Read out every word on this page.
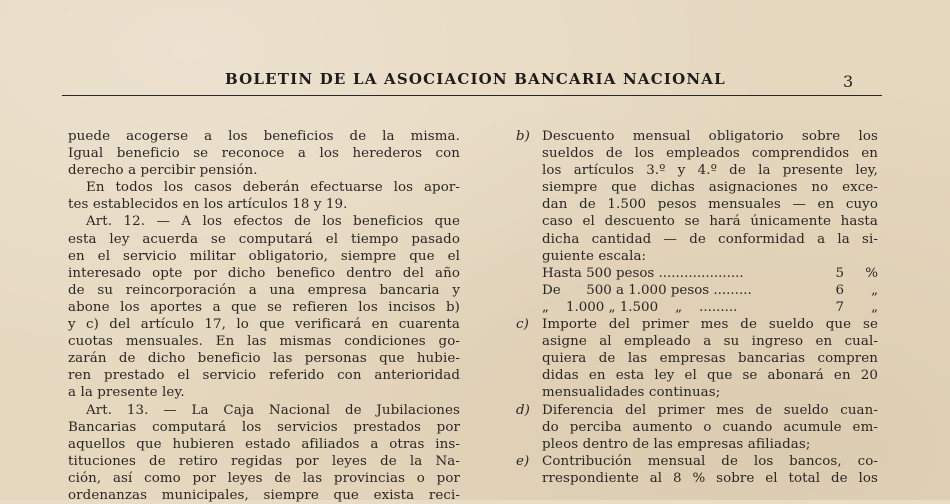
BOLETIN DE LA ASOCIACION BANCARIA NACIONAL	3
puede acogerse a los beneficios de la misma.
Igual beneficio se reconoce a los herederos con
derecho a percibir pensión.
En todos los casos deberán efectuarse los apor-
tes establecidos en los artículos 18 y 19.
Art. 12. — A los efectos de los beneficios que
esta ley acuerda se computará el tiempo pasado
en el servicio militar obligatorio, siempre que el
interesado opte por dicho benefico dentro del año
de su reincorporación a una empresa bancaria y
abone los aportes a que se refieren los incisos b)
y c) del artículo 17, lo que verificará en cuarenta
cuotas mensuales. En las mismas condiciones go-
zarán de dicho beneficio las personas que hubie-
ren prestado el servicio referido con anterioridad
a la presente ley.
Art. 13. — La Caja Nacional de Jubilaciones
Bancarias computará los servicios prestados por
aquellos que hubieren estado afiliados a otras ins-
tituciones de retiro regidas por leyes de la Na-
ción, así como por leyes de las provincias o por
ordenanzas municipales, siempre que exista reci-
b) Descuento mensual obligatorio sobre los
sueldos de los empleados comprendidos en
los artículos 3.º y 4.º de la presente ley,
siempre que dichas asignaciones no exce-
dan de 1.500 pesos mensuales — en cuyo
caso el descuento se hará únicamente hasta
dicha cantidad — de conformidad a la si-
guiente escala:
Hasta 500 pesos ....................	5	%
De      500 a 1.000 pesos .........	6	„
„    1.000 „ 1.500    „    .........	7	„
c) Importe del primer mes de sueldo que se
asigne al empleado a su ingreso en cual-
quiera de las empresas bancarias compren
didas en esta ley el que se abonará en 20
mensualidades continuas;
d) Diferencia del primer mes de sueldo cuan-
do perciba aumento o cuando acumule em-
pleos dentro de las empresas afiliadas;
e) Contribución mensual de los bancos, co-
rrespondiente al 8 % sobre el total de los
